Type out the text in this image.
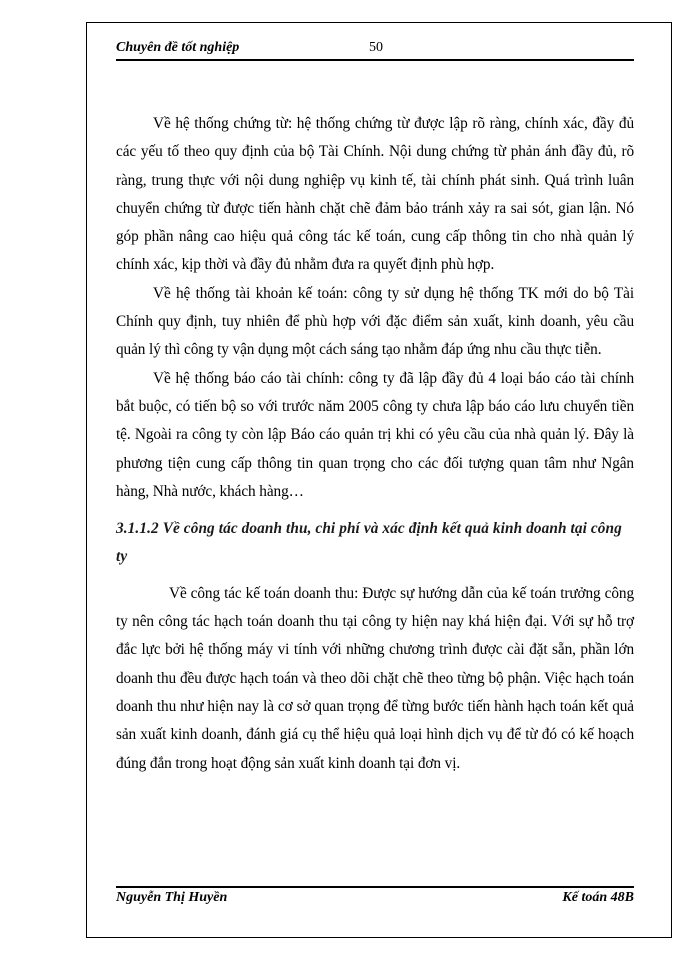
Chuyên đề tốt nghiệp	50

Về hệ thống chứng từ: hệ thống chứng từ được lập rõ ràng, chính xác, đầy đủ các yếu tố theo quy định của bộ Tài Chính. Nội dung chứng từ phản ánh đầy đủ, rõ ràng, trung thực với nội dung nghiệp vụ kinh tế, tài chính phát sinh. Quá trình luân chuyển chứng từ được tiến hành chặt chẽ đảm bảo tránh xảy ra sai sót, gian lận. Nó góp phần nâng cao hiệu quả công tác kế toán, cung cấp thông tin cho nhà quản lý chính xác, kịp thời và đầy đủ nhằm đưa ra quyết định phù hợp.

Về hệ thống tài khoản kế toán: công ty sử dụng hệ thống TK mới do bộ Tài Chính quy định, tuy nhiên để phù hợp với đặc điểm sản xuất, kinh doanh, yêu cầu quản lý thì công ty vận dụng một cách sáng tạo nhằm đáp ứng nhu cầu thực tiễn.

Về hệ thống báo cáo tài chính: công ty đã lập đầy đủ 4 loại báo cáo tài chính bắt buộc, có tiến bộ so với trước năm 2005 công ty chưa lập báo cáo lưu chuyển tiền tệ. Ngoài ra công ty còn lập Báo cáo quản trị khi có yêu cầu của nhà quản lý. Đây là phương tiện cung cấp thông tin quan trọng cho các đối tượng quan tâm như Ngân hàng, Nhà nước, khách hàng…

3.1.1.2 Về công tác doanh thu, chi phí và xác định kết quả kinh doanh tại công ty

Về công tác kế toán doanh thu: Được sự hướng dẫn của kế toán trưởng công ty nên công tác hạch toán doanh thu tại công ty hiện nay khá hiện đại. Với sự hỗ trợ đắc lực bởi hệ thống máy vi tính với những chương trình được cài đặt sẵn, phần lớn doanh thu đều được hạch toán và theo dõi chặt chẽ theo từng bộ phận. Việc hạch toán doanh thu như hiện nay là cơ sở quan trọng để từng bước tiến hành hạch toán kết quả sản xuất kinh doanh, đánh giá cụ thể hiệu quả loại hình dịch vụ để từ đó có kế hoạch đúng đắn trong hoạt động sản xuất kinh doanh tại đơn vị.

Nguyễn Thị Huyền	Kế toán 48B
